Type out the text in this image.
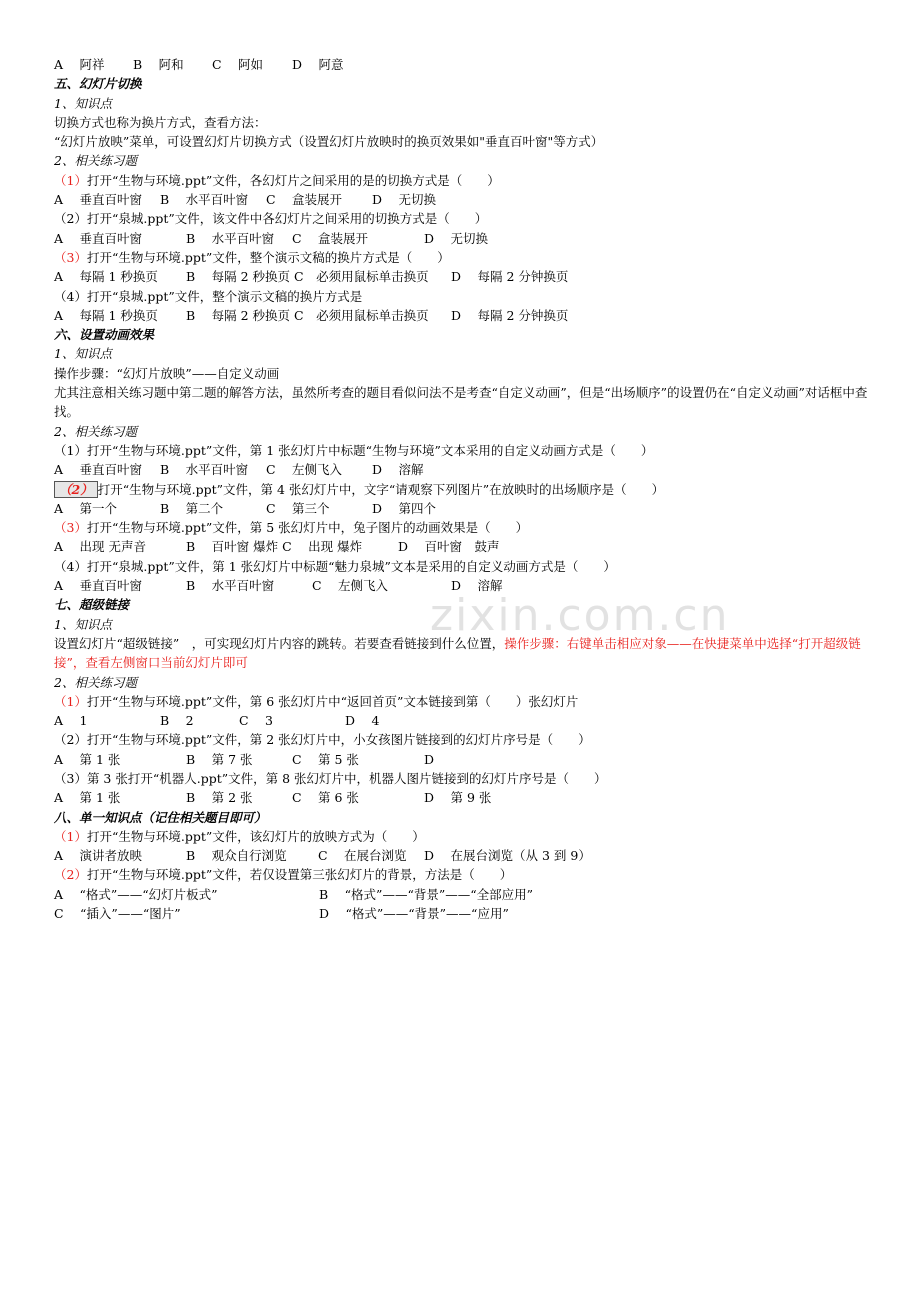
zixin.com.cn
A　 阿祥 B　 阿和 C　 阿如 D　 阿意
五、幻灯片切换
1、知识点
切换方式也称为换片方式，查看方法：
“幻灯片放映”菜单，可设置幻灯片切换方式（设置幻灯片放映时的换页效果如"垂直百叶窗"等方式）
2、相关练习题
（1）打开“生物与环境.ppt”文件，各幻灯片之间采用的是的切换方式是（　　）
A　 垂直百叶窗 B　 水平百叶窗 C　 盒装展开 D　 无切换
（2）打开“泉城.ppt”文件，该文件中各幻灯片之间采用的切换方式是（　　）
A　 垂直百叶窗	B　 水平百叶窗 C　 盒装展开	D　 无切换
（3）打开“生物与环境.ppt”文件，整个演示文稿的换片方式是（　　）
A　 每隔 1 秒换页 B　 每隔 2 秒换页 C　必须用鼠标单击换页 D　 每隔 2 分钟换页
（4）打开“泉城.ppt”文件，整个演示文稿的换片方式是
A　 每隔 1 秒换页 B　 每隔 2 秒换页 C　必须用鼠标单击换页 D　 每隔 2 分钟换页
六、设置动画效果
1、知识点
操作步骤：“幻灯片放映”——自定义动画
尤其注意相关练习题中第二题的解答方法，虽然所考查的题目看似问法不是考查“自定义动画”，但是“出场顺序”的设置仍在“自定义动画”对话框中查找。
2、相关练习题
（1）打开“生物与环境.ppt”文件，第 1 张幻灯片中标题“生物与环境”文本采用的自定义动画方式是（　　）
A　 垂直百叶窗 B　 水平百叶窗 C　 左侧飞入 D　 溶解
（2） 打开“生物与环境.ppt”文件，第 4 张幻灯片中，文字“请观察下列图片”在放映时的出场顺序是（　　）
A　 第一个	B　 第二个	C　 第三个	D　 第四个
（3）打开“生物与环境.ppt”文件，第 5 张幻灯片中，兔子图片的动画效果是（　　）
A　 出现 无声音	B　 百叶窗 爆炸 C　 出现 爆炸	D　 百叶窗　鼓声
（4）打开“泉城.ppt”文件，第 1 张幻灯片中标题“魅力泉城”文本是采用的自定义动画方式是（　　）
A　 垂直百叶窗	B　 水平百叶窗	C　 左侧飞入	D　 溶解
七、超级链接
1、知识点
设置幻灯片“超级链接”　，可实现幻灯片内容的跳转。若要查看链接到什么位置，操作步骤：右键单击相应对象——在快捷菜单中选择“打开超级链接”，查看左侧窗口当前幻灯片即可
2、相关练习题
（1）打开“生物与环境.ppt”文件，第 6 张幻灯片中“返回首页”文本链接到第（　　）张幻灯片
A　 1	B　 2	C　 3	D　 4
（2）打开“生物与环境.ppt”文件，第 2 张幻灯片中，小女孩图片链接到的幻灯片序号是（　　）
A　 第 1 张	B　 第 7 张	C　 第 5 张	D
（3）第 3 张打开“机器人.ppt”文件，第 8 张幻灯片中，机器人图片链接到的幻灯片序号是（　　）
A　 第 1 张	B　 第 2 张	C　 第 6 张	D　 第 9 张
八、单一知识点（记住相关题目即可）
（1）打开“生物与环境.ppt”文件，该幻灯片的放映方式为（　　）
A　 演讲者放映	B　 观众自行浏览	C　 在展台浏览 D　 在展台浏览（从 3 到 9）
（2）打开“生物与环境.ppt”文件，若仅设置第三张幻灯片的背景，方法是（　　）
A　 “格式”——“幻灯片板式”	B　 “格式”——“背景”——“全部应用”
C　 “插入”——“图片”	D　 “格式”——“背景”——“应用”
